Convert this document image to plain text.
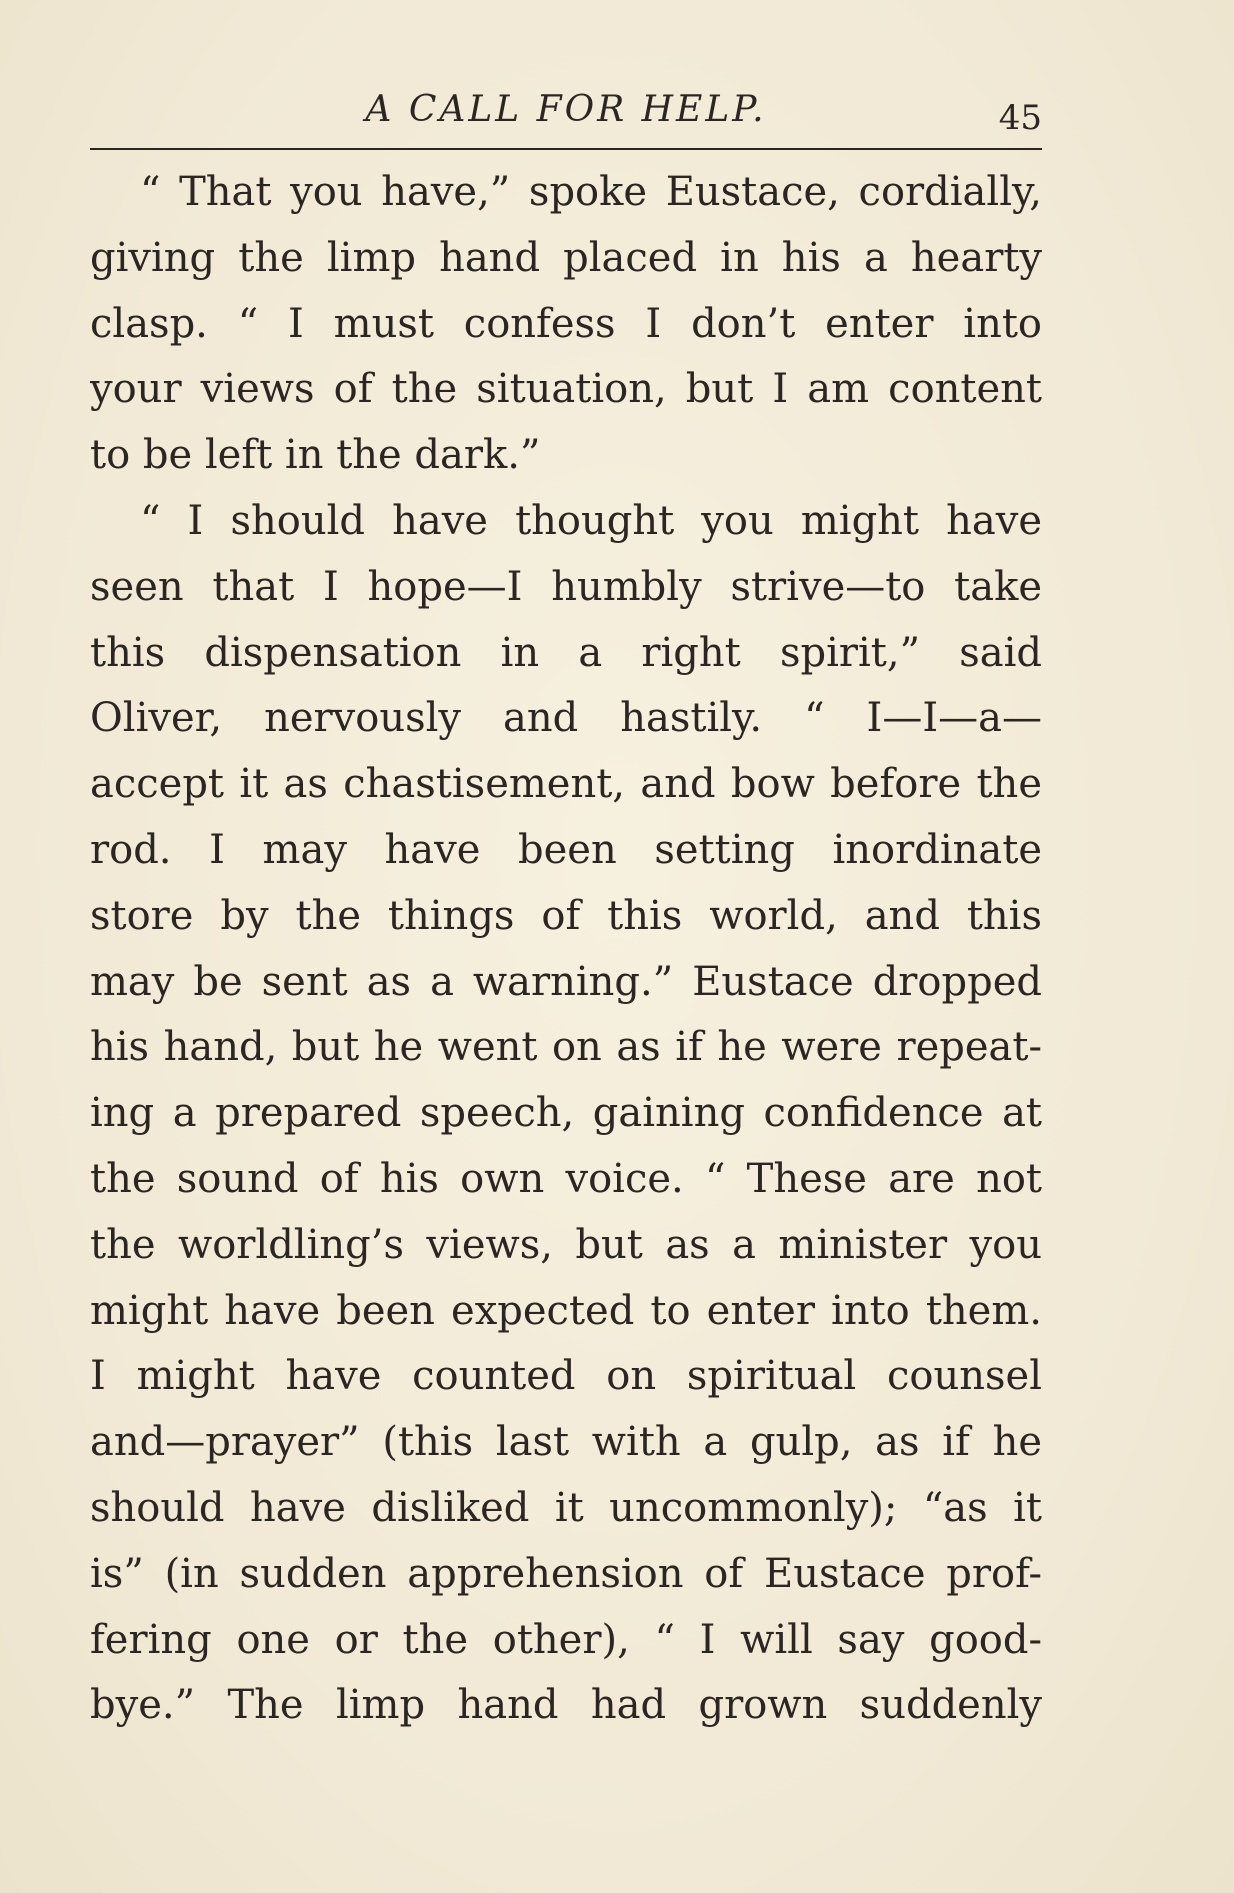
A CALL FOR HELP.	45
“ That you have,” spoke Eustace, cordially,
giving the limp hand placed in his a hearty
clasp. “ I must confess I don’t enter into
your views of the situation, but I am content
to be left in the dark.”
“ I should have thought you might have
seen that I hope—I humbly strive—to take
this dispensation in a right spirit,” said
Oliver, nervously and hastily. “ I—I—a—
accept it as chastisement, and bow before the
rod. I may have been setting inordinate
store by the things of this world, and this
may be sent as a warning.” Eustace dropped
his hand, but he went on as if he were repeat-
ing a prepared speech, gaining confidence at
the sound of his own voice. “ These are not
the worldling’s views, but as a minister you
might have been expected to enter into them.
I might have counted on spiritual counsel
and—prayer” (this last with a gulp, as if he
should have disliked it uncommonly); “as it
is” (in sudden apprehension of Eustace prof-
fering one or the other), “ I will say good-
bye.” The limp hand had grown suddenly
